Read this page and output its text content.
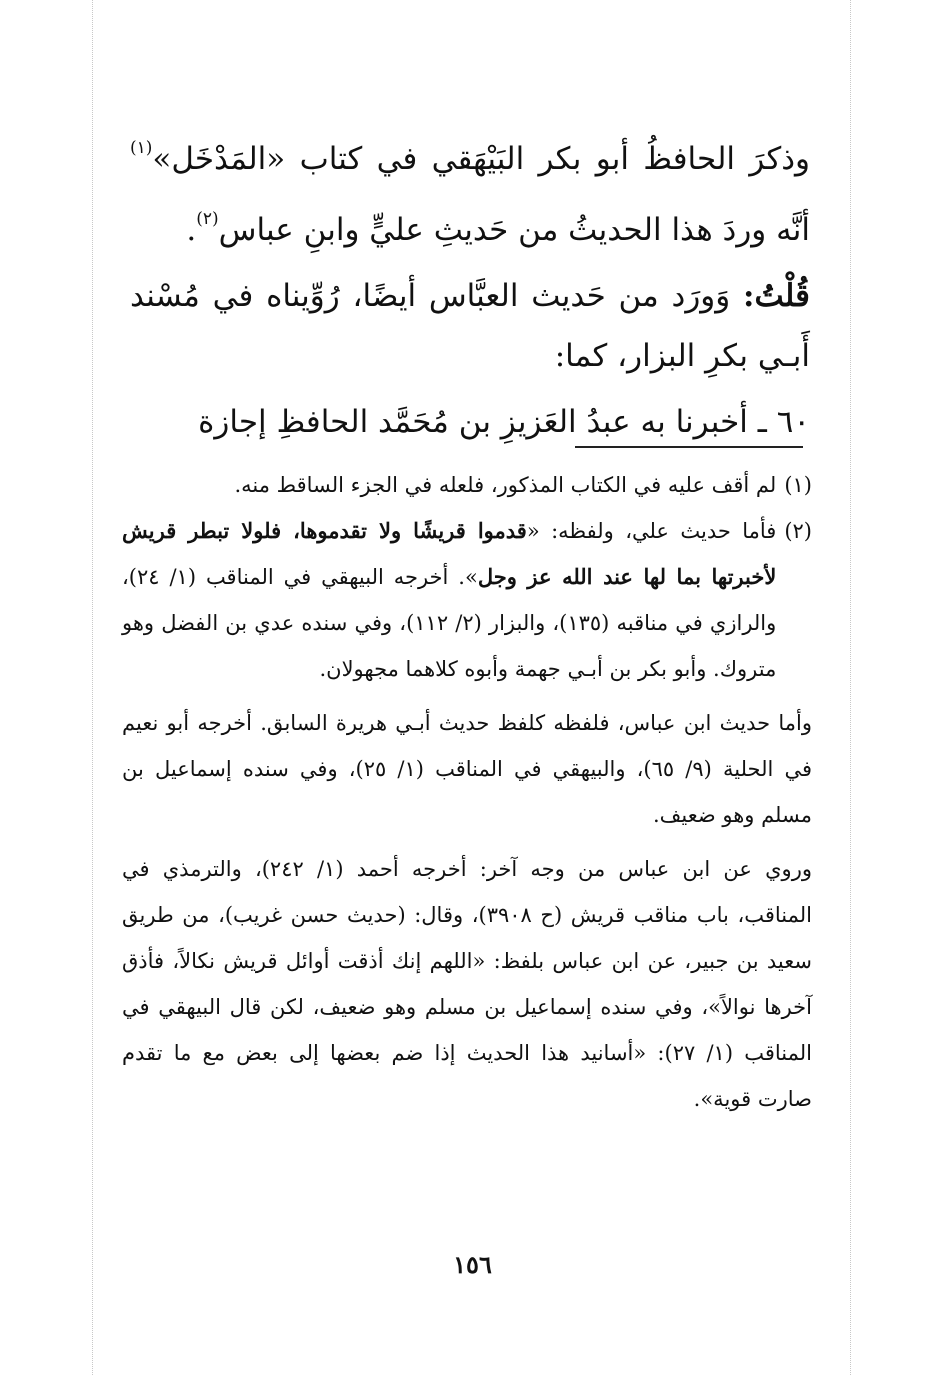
وذكرَ الحافظُ أبو بكر البَيْهَقي في كتاب «المَدْخَل»$^{(١)}$ أنَّه وردَ هذا الحديثُ من حَديثِ عليٍّ وابنِ عباس$^{(٢)}$.

قُلْتُ: وَورَد من حَديث العبَّاس أيضًا، رُوِّيناه في مُسْند أَبـي بكرِ البزار، كما:

٦٠ ـ أخبرنا به عبدُ العَزيزِ بن مُحَمَّد الحافظِ إجازة

(١)
لم أقف عليه في الكتاب المذكور، فلعله في الجزء الساقط منه.
(٢)
فأما حديث علي، ولفظه: «قدموا قريشًا ولا تقدموها، فلولا تبطر قريش لأخبرتها بما لها عند الله عز وجل». أخرجه البيهقي في المناقب (١/ ٢٤)، والرازي في مناقبه (١٣٥)، والبزار (٢/ ١١٢)، وفي سنده عدي بن الفضل وهو متروك. وأبو بكر بن أبـي جهمة وأبوه كلاهما مجهولان.
وأما حديث ابن عباس، فلفظه كلفظ حديث أبـي هريرة السابق. أخرجه أبو نعيم في الحلية (٩/ ٦٥)، والبيهقي في المناقب (١/ ٢٥)، وفي سنده إسماعيل بن مسلم وهو ضعيف.
وروي عن ابن عباس من وجه آخر: أخرجه أحمد (١/ ٢٤٢)، والترمذي في المناقب، باب مناقب قريش (ح ٣٩٠٨)، وقال: (حديث حسن غريب)، من طريق سعيد بن جبير، عن ابن عباس بلفظ: «اللهم إنك أذقت أوائل قريش نكالاً، فأذق آخرها نوالاً»، وفي سنده إسماعيل بن مسلم وهو ضعيف، لكن قال البيهقي في المناقب (١/ ٢٧): «أسانيد هذا الحديث إذا ضم بعضها إلى بعض مع ما تقدم صارت قوية».
١٥٦
